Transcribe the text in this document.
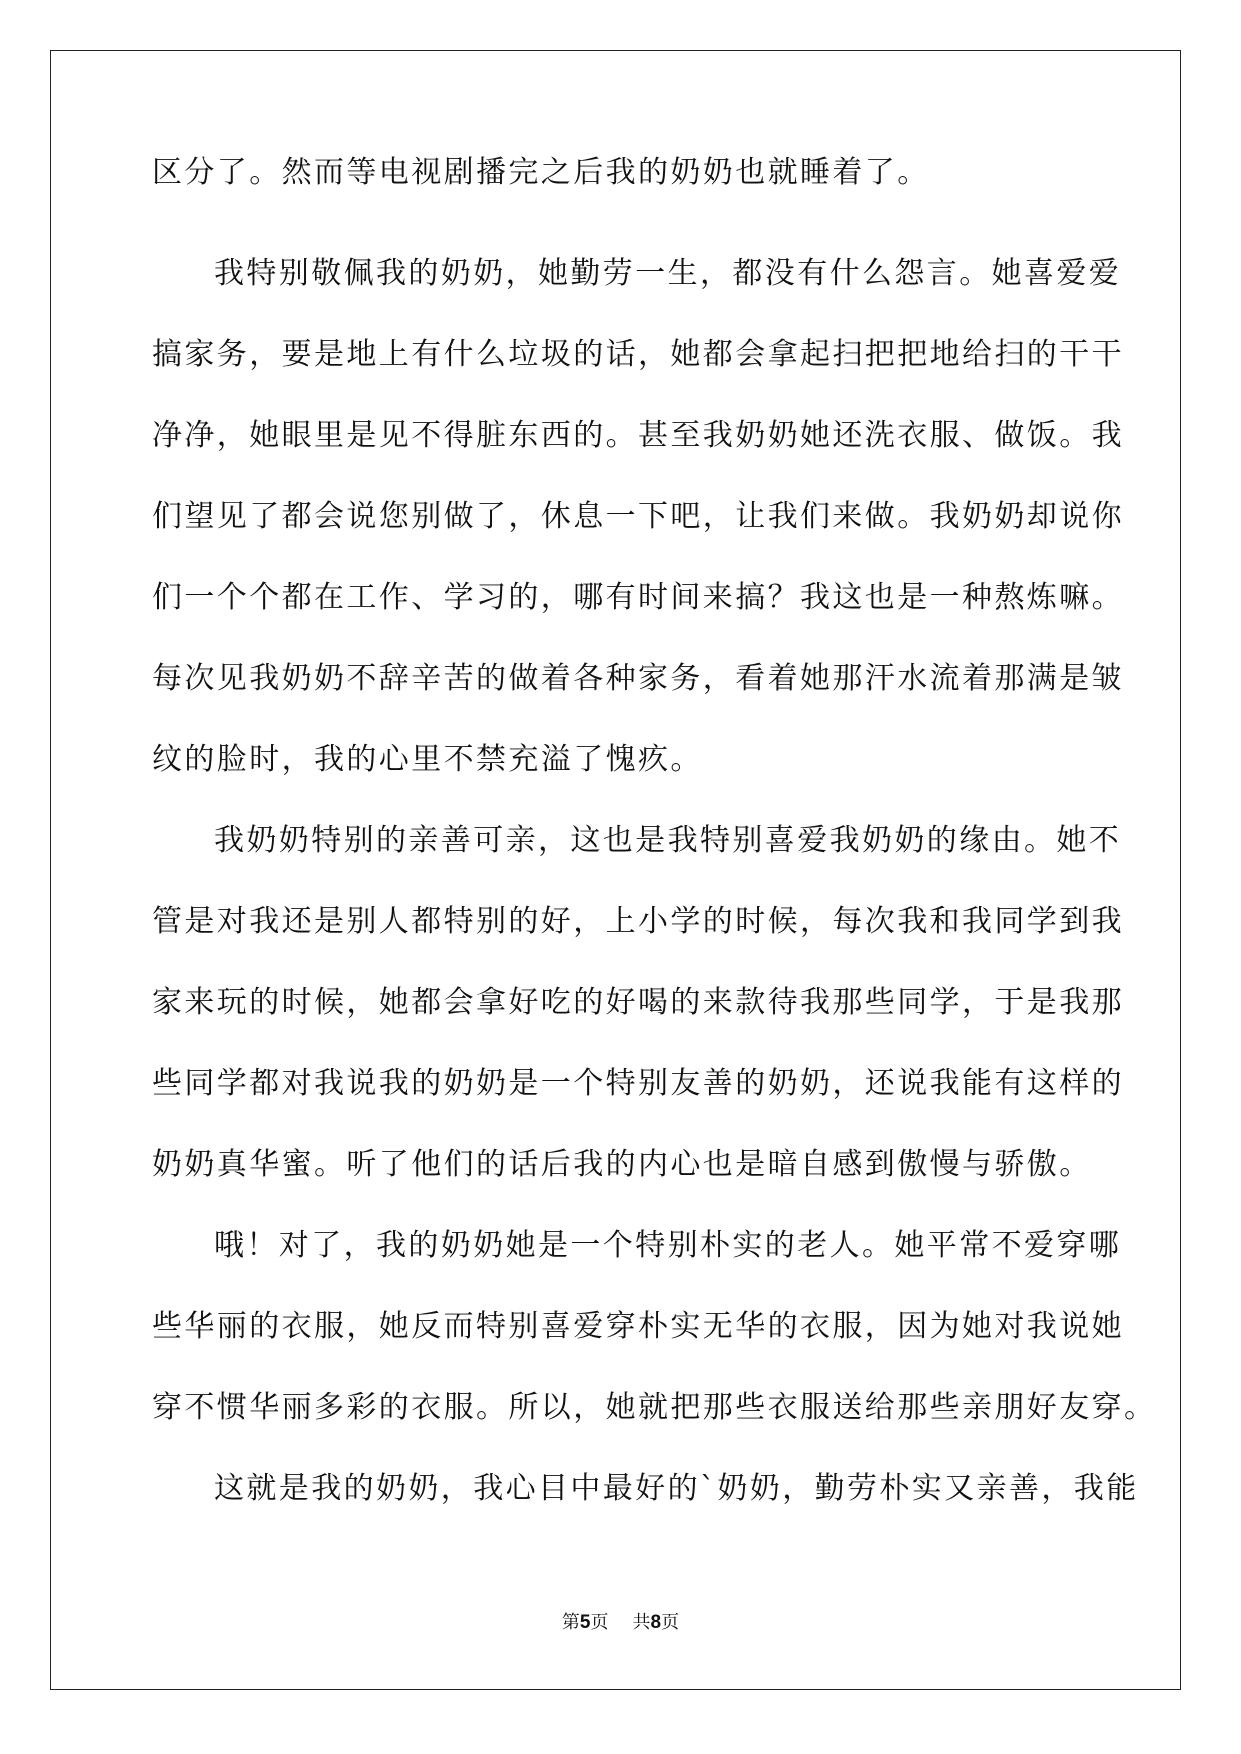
区分了。然而等电视剧播完之后我的奶奶也就睡着了。
我特别敬佩我的奶奶，她勤劳一生，都没有什么怨言。她喜爱爱
搞家务，要是地上有什么垃圾的话，她都会拿起扫把把地给扫的干干
净净，她眼里是见不得脏东西的。甚至我奶奶她还洗衣服、做饭。我
们望见了都会说您别做了，休息一下吧，让我们来做。我奶奶却说你
们一个个都在工作、学习的，哪有时间来搞？我这也是一种熬炼嘛。
每次见我奶奶不辞辛苦的做着各种家务，看着她那汗水流着那满是皱
纹的脸时，我的心里不禁充溢了愧疚。
我奶奶特别的亲善可亲，这也是我特别喜爱我奶奶的缘由。她不
管是对我还是别人都特别的好，上小学的时候，每次我和我同学到我
家来玩的时候，她都会拿好吃的好喝的来款待我那些同学，于是我那
些同学都对我说我的奶奶是一个特别友善的奶奶，还说我能有这样的
奶奶真华蜜。听了他们的话后我的内心也是暗自感到傲慢与骄傲。
哦！对了，我的奶奶她是一个特别朴实的老人。她平常不爱穿哪
些华丽的衣服，她反而特别喜爱穿朴实无华的衣服，因为她对我说她
穿不惯华丽多彩的衣服。所以，她就把那些衣服送给那些亲朋好友穿。
这就是我的奶奶，我心目中最好的`奶奶，勤劳朴实又亲善，我能
第5页 共8页
